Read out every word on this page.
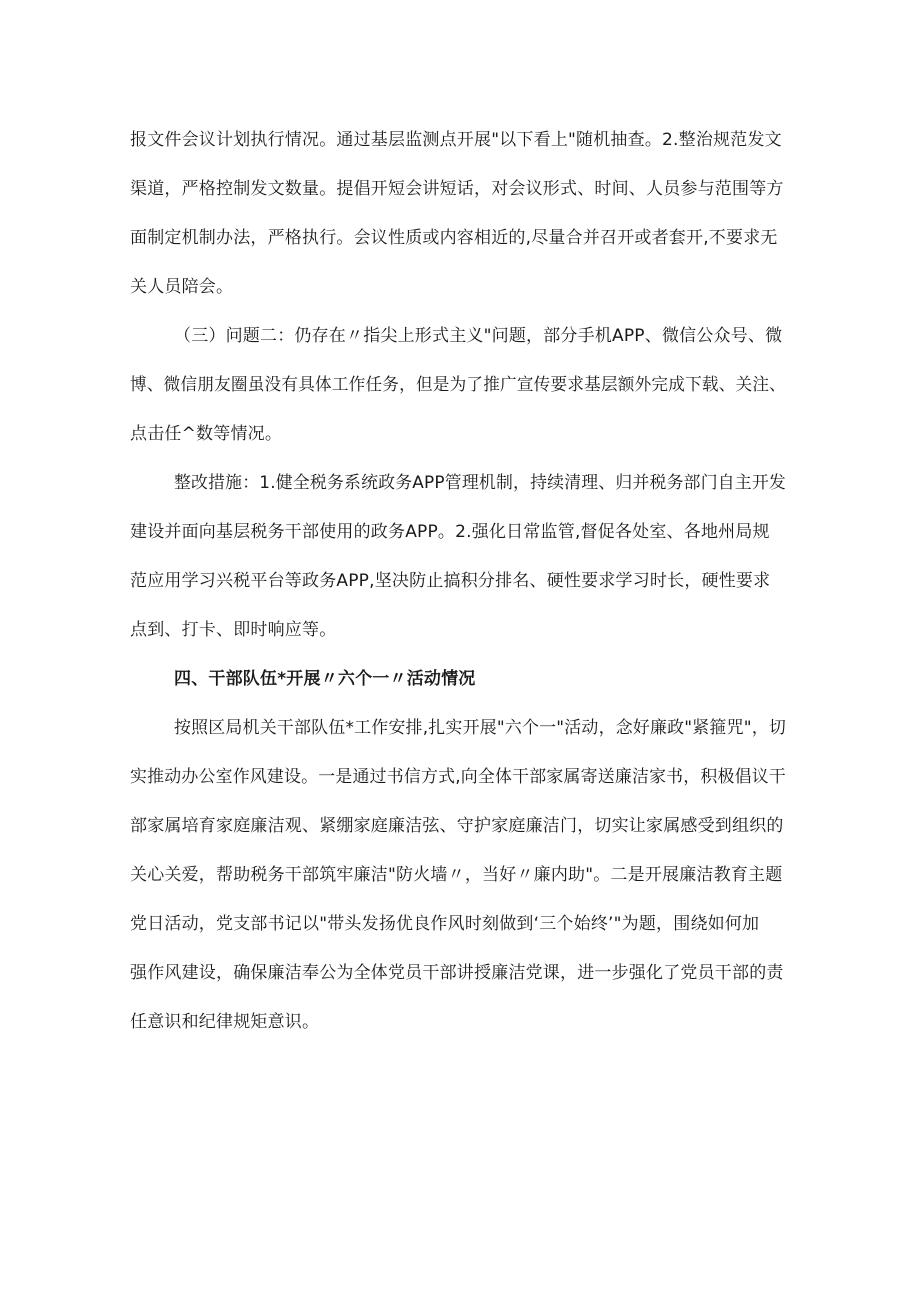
报文件会议计划执行情况。通过基层监测点开展"以下看上"随机抽查。2.整治规范发文

渠道，严格控制发文数量。提倡开短会讲短话，对会议形式、时间、人员参与范围等方

面制定机制办法，严格执行。会议性质或内容相近的,尽量合并召开或者套开,不要求无

关人员陪会。

（三）问题二：仍存在〃指尖上形式主义"问题，部分手机APP、微信公众号、微

博、微信朋友圈虽没有具体工作任务，但是为了推广宣传要求基层额外完成下载、关注、

点击任^数等情况。

整改措施：1.健全税务系统政务APP管理机制，持续清理、归并税务部门自主开发

建设并面向基层税务干部使用的政务APP。2.强化日常监管,督促各处室、各地州局规

范应用学习兴税平台等政务APP,坚决防止搞积分排名、硬性要求学习时长，硬性要求

点到、打卡、即时响应等。

四、干部队伍*开展〃六个一〃活动情况

按照区局机关干部队伍*工作安排,扎实开展"六个一"活动，念好廉政"紧箍咒"，切

实推动办公室作风建设。一是通过书信方式,向全体干部家属寄送廉洁家书，积极倡议干

部家属培育家庭廉洁观、紧绷家庭廉洁弦、守护家庭廉洁门，切实让家属感受到组织的

关心关爱，帮助税务干部筑牢廉洁"防火墙〃，当好〃廉内助"。二是开展廉洁教育主题

党日活动，党支部书记以"带头发扬优良作风时刻做到‘三个始终’"为题，围绕如何加

强作风建设，确保廉洁奉公为全体党员干部讲授廉洁党课，进一步强化了党员干部的责

任意识和纪律规矩意识。
